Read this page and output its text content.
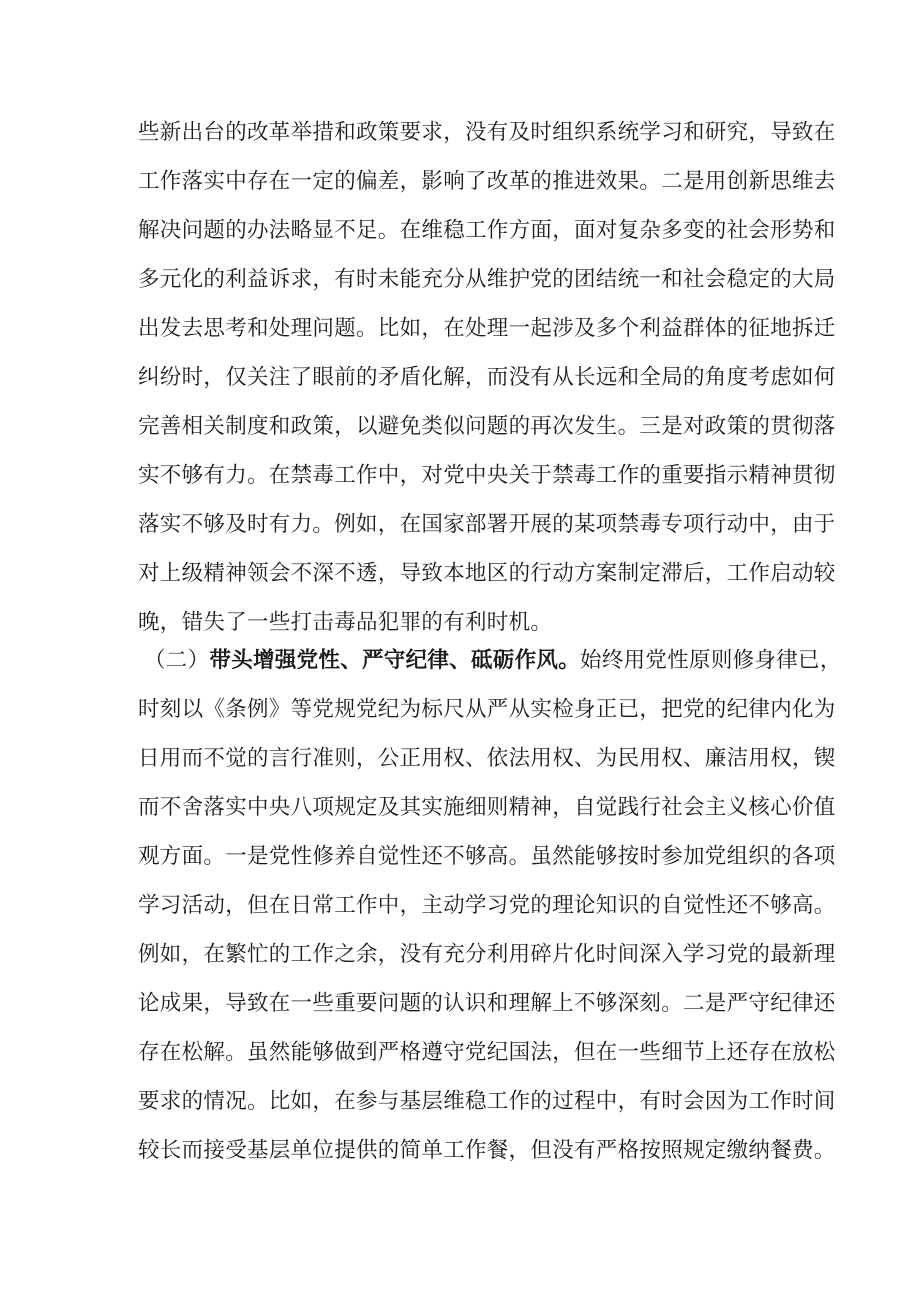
些新出台的改革举措和政策要求，没有及时组织系统学习和研究，导致在
工作落实中存在一定的偏差，影响了改革的推进效果。二是用创新思维去
解决问题的办法略显不足。在维稳工作方面，面对复杂多变的社会形势和
多元化的利益诉求，有时未能充分从维护党的团结统一和社会稳定的大局
出发去思考和处理问题。比如，在处理一起涉及多个利益群体的征地拆迁
纠纷时，仅关注了眼前的矛盾化解，而没有从长远和全局的角度考虑如何
完善相关制度和政策，以避免类似问题的再次发生。三是对政策的贯彻落
实不够有力。在禁毒工作中，对党中央关于禁毒工作的重要指示精神贯彻
落实不够及时有力。例如，在国家部署开展的某项禁毒专项行动中，由于
对上级精神领会不深不透，导致本地区的行动方案制定滞后，工作启动较
晚，错失了一些打击毒品犯罪的有利时机。
（二）带头增强党性、严守纪律、砥砺作风。始终用党性原则修身律已，
时刻以《条例》等党规党纪为标尺从严从实检身正已，把党的纪律内化为
日用而不觉的言行准则，公正用权、依法用权、为民用权、廉洁用权，锲
而不舍落实中央八项规定及其实施细则精神，自觉践行社会主义核心价值
观方面。一是党性修养自觉性还不够高。虽然能够按时参加党组织的各项
学习活动，但在日常工作中，主动学习党的理论知识的自觉性还不够高。
例如，在繁忙的工作之余，没有充分利用碎片化时间深入学习党的最新理
论成果，导致在一些重要问题的认识和理解上不够深刻。二是严守纪律还
存在松解。虽然能够做到严格遵守党纪国法，但在一些细节上还存在放松
要求的情况。比如，在参与基层维稳工作的过程中，有时会因为工作时间
较长而接受基层单位提供的简单工作餐，但没有严格按照规定缴纳餐费。
